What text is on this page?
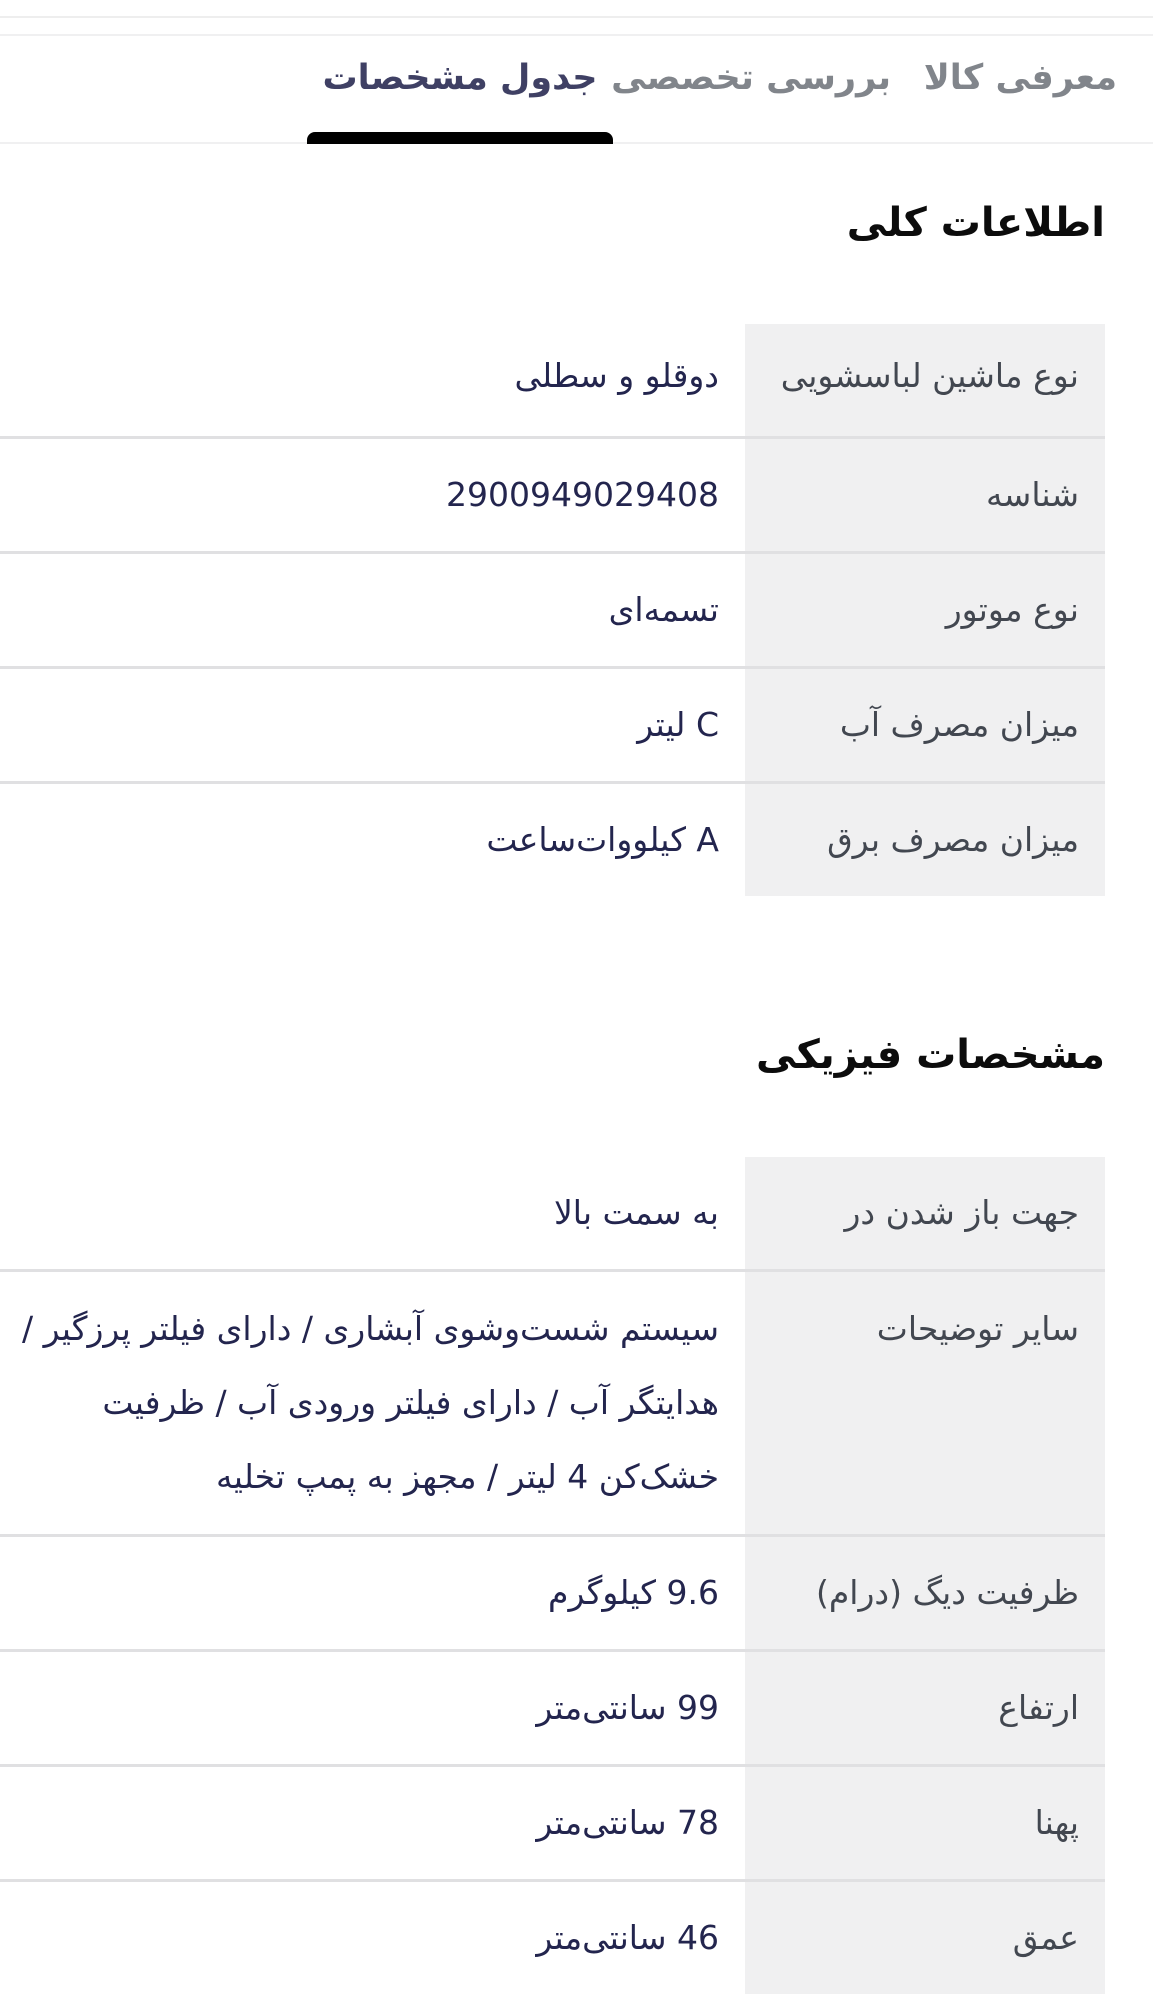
معرفی کالا
بررسی تخصصی
جدول مشخصات
اطلاعات کلی
نوع ماشین لباسشویی
دوقلو و سطلی
شناسه
2900949029408
نوع موتور
تسمه‌ای
میزان مصرف آب
C لیتر
میزان مصرف برق
A کیلووات‌ساعت
مشخصات فیزیکی
جهت باز شدن در
به سمت بالا
سایر توضیحات
سیستم شست‌وشوی آبشاری / دارای فیلتر پرزگیر /
هدایتگر آب / دارای فیلتر ورودی آب / ظرفیت
خشک‌کن 4 لیتر / مجهز به پمپ تخلیه
ظرفیت دیگ (درام)
9.6 کیلوگرم
ارتفاع
99 سانتی‌متر
پهنا
78 سانتی‌متر
عمق
46 سانتی‌متر
